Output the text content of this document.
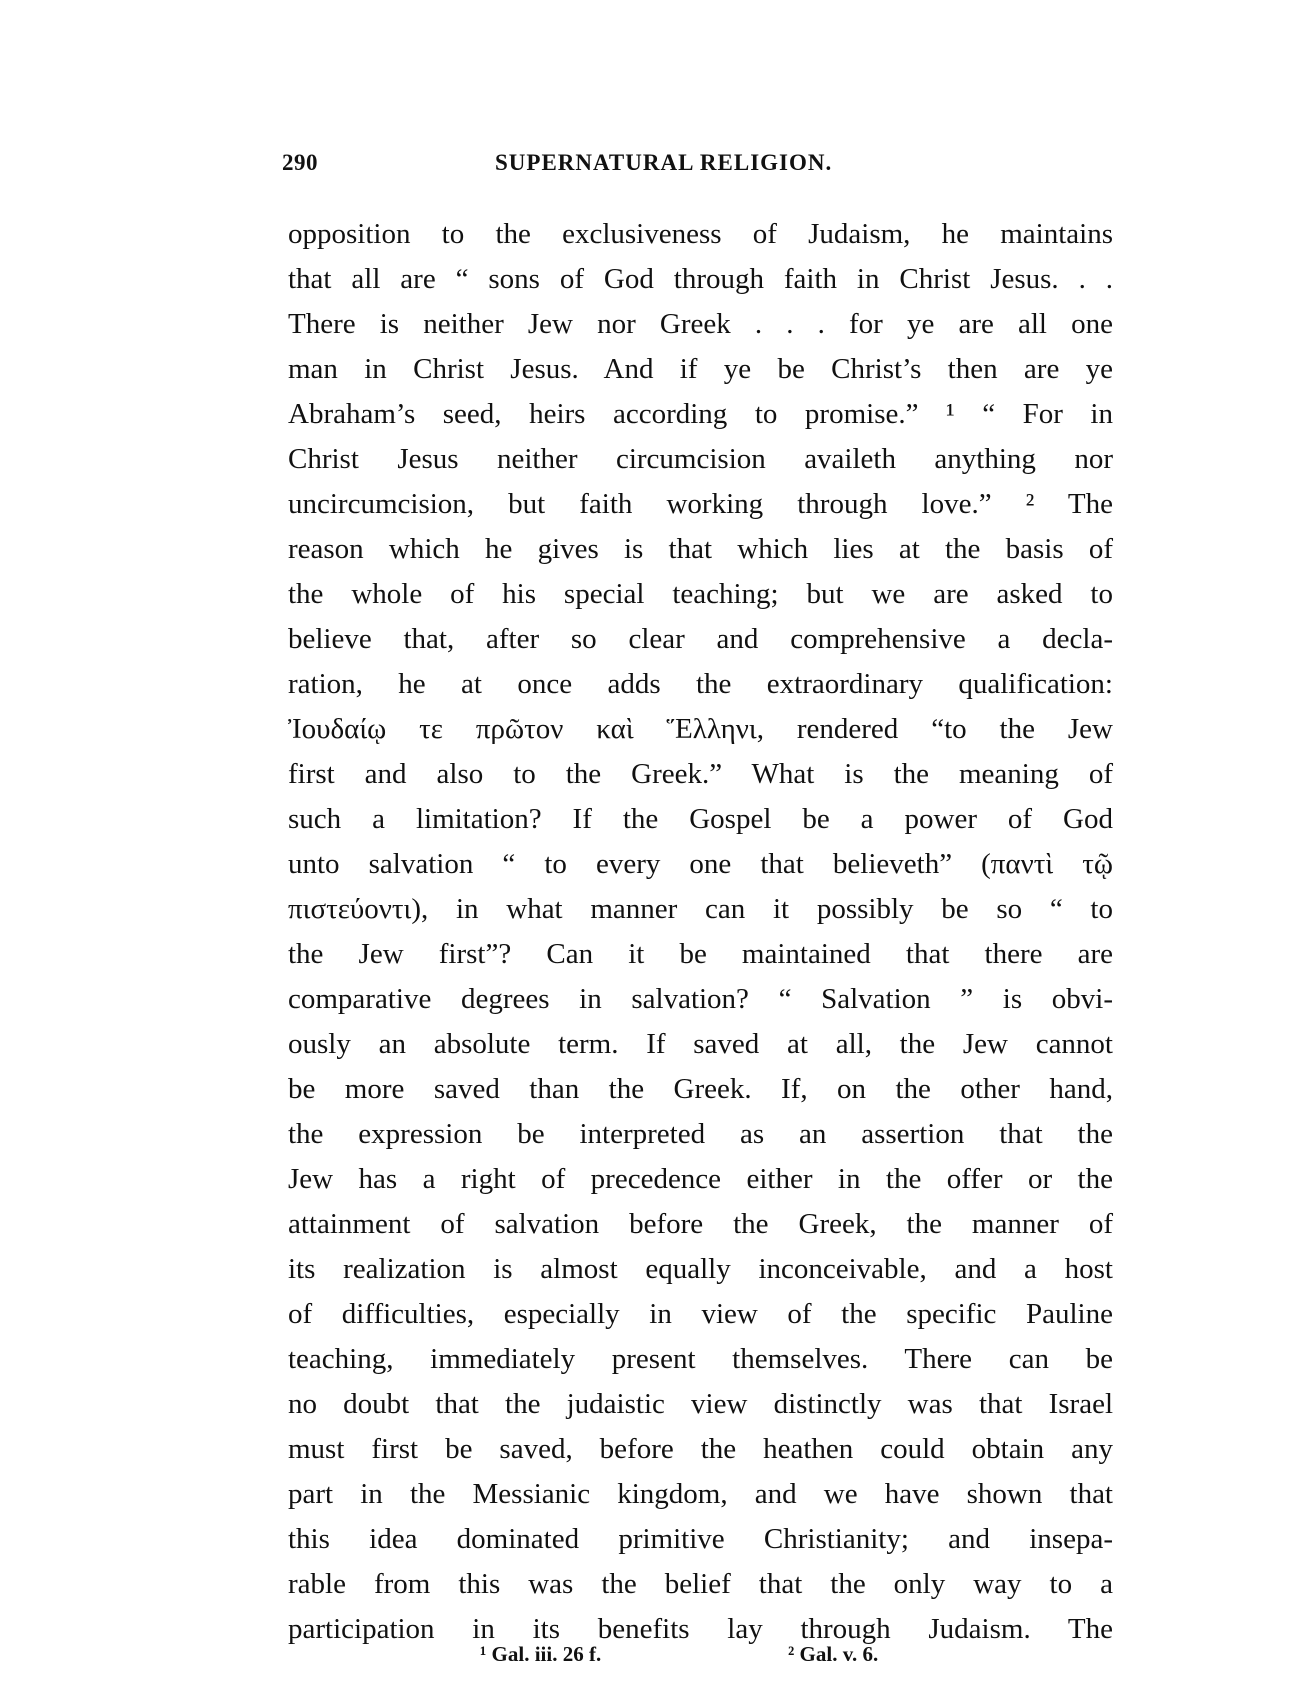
290	SUPERNATURAL RELIGION.
opposition to the exclusiveness of Judaism, he maintains
that all are “ sons of God through faith in Christ Jesus. . .
There is neither Jew nor Greek . . . for ye are all one
man in Christ Jesus. And if ye be Christ’s then are ye
Abraham’s seed, heirs according to promise.” ¹ “ For in
Christ Jesus neither circumcision availeth anything nor
uncircumcision, but faith working through love.” ² The
reason which he gives is that which lies at the basis of
the whole of his special teaching; but we are asked to
believe that, after so clear and comprehensive a decla-
ration, he at once adds the extraordinary qualification:
Ἰουδαίῳ τε πρῶτον καὶ Ἕλληνι, rendered “to the Jew
first and also to the Greek.” What is the meaning of
such a limitation? If the Gospel be a power of God
unto salvation “ to every one that believeth” (παντὶ τῷ
πιστεύοντι), in what manner can it possibly be so “ to
the Jew first”? Can it be maintained that there are
comparative degrees in salvation? “ Salvation ” is obvi-
ously an absolute term. If saved at all, the Jew cannot
be more saved than the Greek. If, on the other hand,
the expression be interpreted as an assertion that the
Jew has a right of precedence either in the offer or the
attainment of salvation before the Greek, the manner of
its realization is almost equally inconceivable, and a host
of difficulties, especially in view of the specific Pauline
teaching, immediately present themselves. There can be
no doubt that the judaistic view distinctly was that Israel
must first be saved, before the heathen could obtain any
part in the Messianic kingdom, and we have shown that
this idea dominated primitive Christianity; and insepa-
rable from this was the belief that the only way to a
participation in its benefits lay through Judaism. The
¹ Gal. iii. 26 f.	² Gal. v. 6.
